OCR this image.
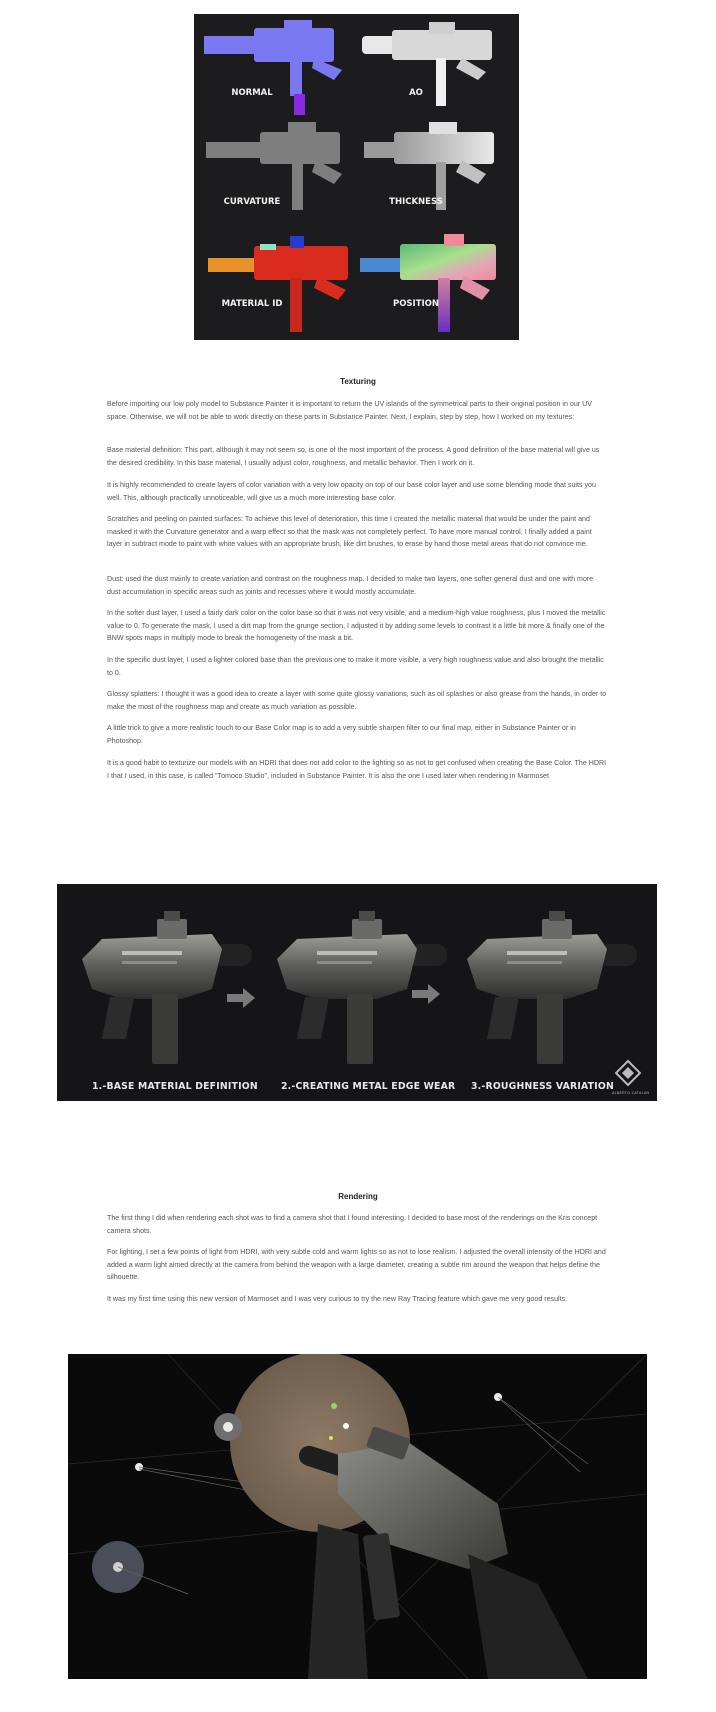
NORMAL	AO
CURVATURE	THICKNESS
MATERIAL ID	POSITION
Texturing

Before importing our low poly model to Substance Painter it is important to return the UV islands of the symmetrical parts to their original position in our UV space. Otherwise, we will not be able to work directly on these parts in Substance Painter. Next, I explain, step by step, how I worked on my textures:

Base material definition: This part, although it may not seem so, is one of the most important of the process. A good definition of the base material will give us the desired credibility. In this base material, I usually adjust color, roughness, and metallic behavior. Then I work on it.

It is highly recommended to create layers of color variation with a very low opacity on top of our base color layer and use some blending mode that suits you well. This, although practically unnoticeable, will give us a much more interesting base color.

Scratches and peeling on painted surfaces: To achieve this level of deterioration, this time I created the metallic material that would be under the paint and masked it with the Curvature generator and a warp effect so that the mask was not completely perfect. To have more manual control, I finally added a paint layer in subtract mode to paint with white values with an appropriate brush, like dirt brushes, to erase by hand those metal areas that do not convince me.

Dust: used the dust mainly to create variation and contrast on the roughness map. I decided to make two layers, one softer general dust and one with more dust accumulation in specific areas such as joints and recesses where it would mostly accumulate.

In the softer dust layer, I used a fairly dark color on the color base so that it was not very visible, and a medium-high value roughness, plus I moved the metallic value to 0. To generate the mask, I used a dirt map from the grunge section, I adjusted it by adding some levels to contrast it a little bit more & finally one of the BNW spots maps in multiply mode to break the homogeneity of the mask a bit.

In the specific dust layer, I used a lighter colored base than the previous one to make it more visible, a very high roughness value and also brought the metallic to 0.

Glossy splatters: I thought it was a good idea to create a layer with some quite glossy variations, such as oil splashes or also grease from the hands, in order to make the most of the roughness map and create as much variation as possible.

A little trick to give a more realistic touch to our Base Color map is to add a very subtle sharpen filter to our final map, either in Substance Painter or in Photoshop.

It is a good habit to texturize our models with an HDRI that does not add color to the lighting so as not to get confused when creating the Base Color. The HDRI I that I used, in this case, is called "Tomoco Studio", included in Substance Painter. It is also the one I used later when rendering in Marmoset

1.-BASE MATERIAL DEFINITION 2.-CREATING METAL EDGE WEAR 3.-ROUGHNESS VARIATION
ALBERTO CATALAN
Rendering

The first thing I did when rendering each shot was to find a camera shot that I found interesting. I decided to base most of the renderings on the Kris concept camera shots.

For lighting, I set a few points of light from HDRI, with very subtle cold and warm lights so as not to lose realism. I adjusted the overall intensity of the HDRI and added a warm light aimed directly at the camera from behind the weapon with a large diameter, creating a subtle rim around the weapon that helps define the silhouette.

It was my first time using this new version of Marmoset and I was very curious to try the new Ray Tracing feature which gave me very good results.
